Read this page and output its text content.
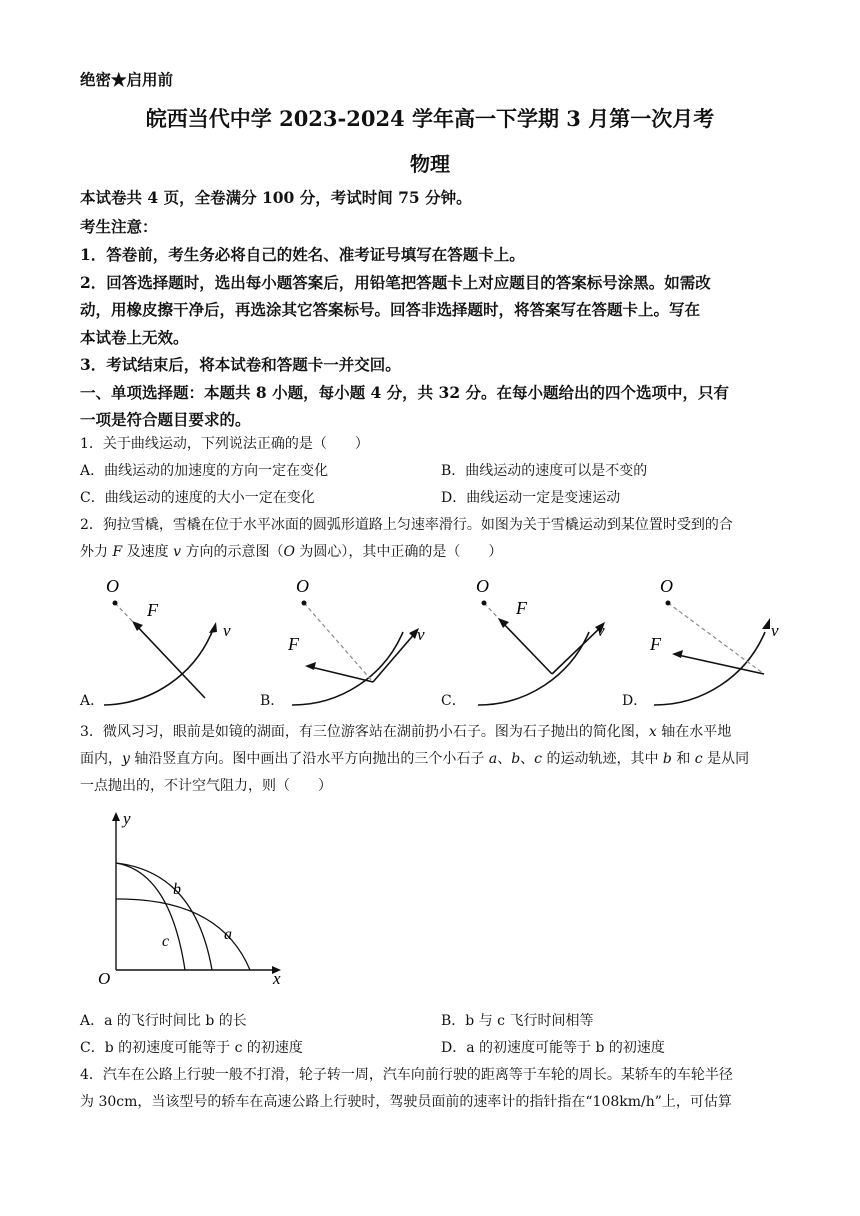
绝密★启用前
皖西当代中学 2023-2024 学年高一下学期 3 月第一次月考
物理
本试卷共 4 页，全卷满分 100 分，考试时间 75 分钟。
考生注意：
1．答卷前，考生务必将自己的姓名、准考证号填写在答题卡上。
2．回答选择题时，选出每小题答案后，用铅笔把答题卡上对应题目的答案标号涂黑。如需改
动，用橡皮擦干净后，再选涂其它答案标号。回答非选择题时，将答案写在答题卡上。写在
本试卷上无效。
3．考试结束后，将本试卷和答题卡一并交回。
一、单项选择题：本题共 8 小题，每小题 4 分，共 32 分。在每小题给出的四个选项中，只有
一项是符合题目要求的。
1．关于曲线运动，下列说法正确的是（　　）
A．曲线运动的加速度的方向一定在变化	B．曲线运动的速度可以是不变的
C．曲线运动的速度的大小一定在变化	D．曲线运动一定是变速运动
2．狗拉雪橇，雪橇在位于水平冰面的圆弧形道路上匀速率滑行。如图为关于雪橇运动到某位置时受到的合
外力 F 及速度 v 方向的示意图（O 为圆心），其中正确的是（　　）
O
F
v
A．
O
F	v
B．
O
F
v
C．
O
F
v
D．
3．微风习习，眼前是如镜的湖面，有三位游客站在湖前扔小石子。图为石子抛出的简化图，x 轴在水平地
面内，y 轴沿竖直方向。图中画出了沿水平方向抛出的三个小石子 a、b、c 的运动轨迹，其中 b 和 c 是从同
一点抛出的，不计空气阻力，则（　　）
O	x
y
b
c	a
A．a 的飞行时间比 b 的长	B．b 与 c 飞行时间相等
C．b 的初速度可能等于 c 的初速度	D．a 的初速度可能等于 b 的初速度
4．汽车在公路上行驶一般不打滑，轮子转一周，汽车向前行驶的距离等于车轮的周长。某轿车的车轮半径
为 30cm，当该型号的轿车在高速公路上行驶时，驾驶员面前的速率计的指针指在“108km/h”上，可估算
